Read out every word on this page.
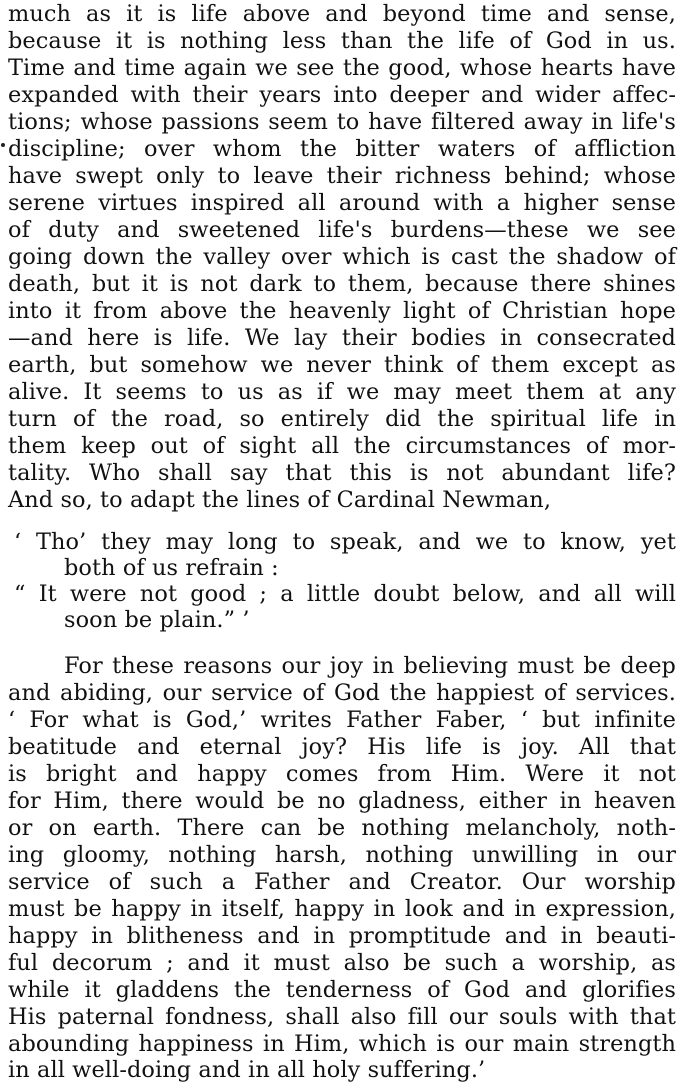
much as it is life above and beyond time and sense,
because it is nothing less than the life of God in us.
Time and time again we see the good, whose hearts have
expanded with their years into deeper and wider affec-
tions; whose passions seem to have filtered away in life's
discipline; over whom the bitter waters of affliction
have swept only to leave their richness behind; whose
serene virtues inspired all around with a higher sense
of duty and sweetened life's burdens—these we see
going down the valley over which is cast the shadow of
death, but it is not dark to them, because there shines
into it from above the heavenly light of Christian hope
—and here is life. We lay their bodies in consecrated
earth, but somehow we never think of them except as
alive. It seems to us as if we may meet them at any
turn of the road, so entirely did the spiritual life in
them keep out of sight all the circumstances of mor-
tality. Who shall say that this is not abundant life?
And so, to adapt the lines of Cardinal Newman,
‘ Tho’ they may long to speak, and we to know, yet
both of us refrain :
“ It were not good ; a little doubt below, and all will
soon be plain.” ’
For these reasons our joy in believing must be deep
and abiding, our service of God the happiest of services.
‘ For what is God,’ writes Father Faber, ‘ but infinite
beatitude and eternal joy? His life is joy. All that
is bright and happy comes from Him. Were it not
for Him, there would be no gladness, either in heaven
or on earth. There can be nothing melancholy, noth-
ing gloomy, nothing harsh, nothing unwilling in our
service of such a Father and Creator. Our worship
must be happy in itself, happy in look and in expression,
happy in blitheness and in promptitude and in beauti-
ful decorum ; and it must also be such a worship, as
while it gladdens the tenderness of God and glorifies
His paternal fondness, shall also fill our souls with that
abounding happiness in Him, which is our main strength
in all well-doing and in all holy suffering.’
